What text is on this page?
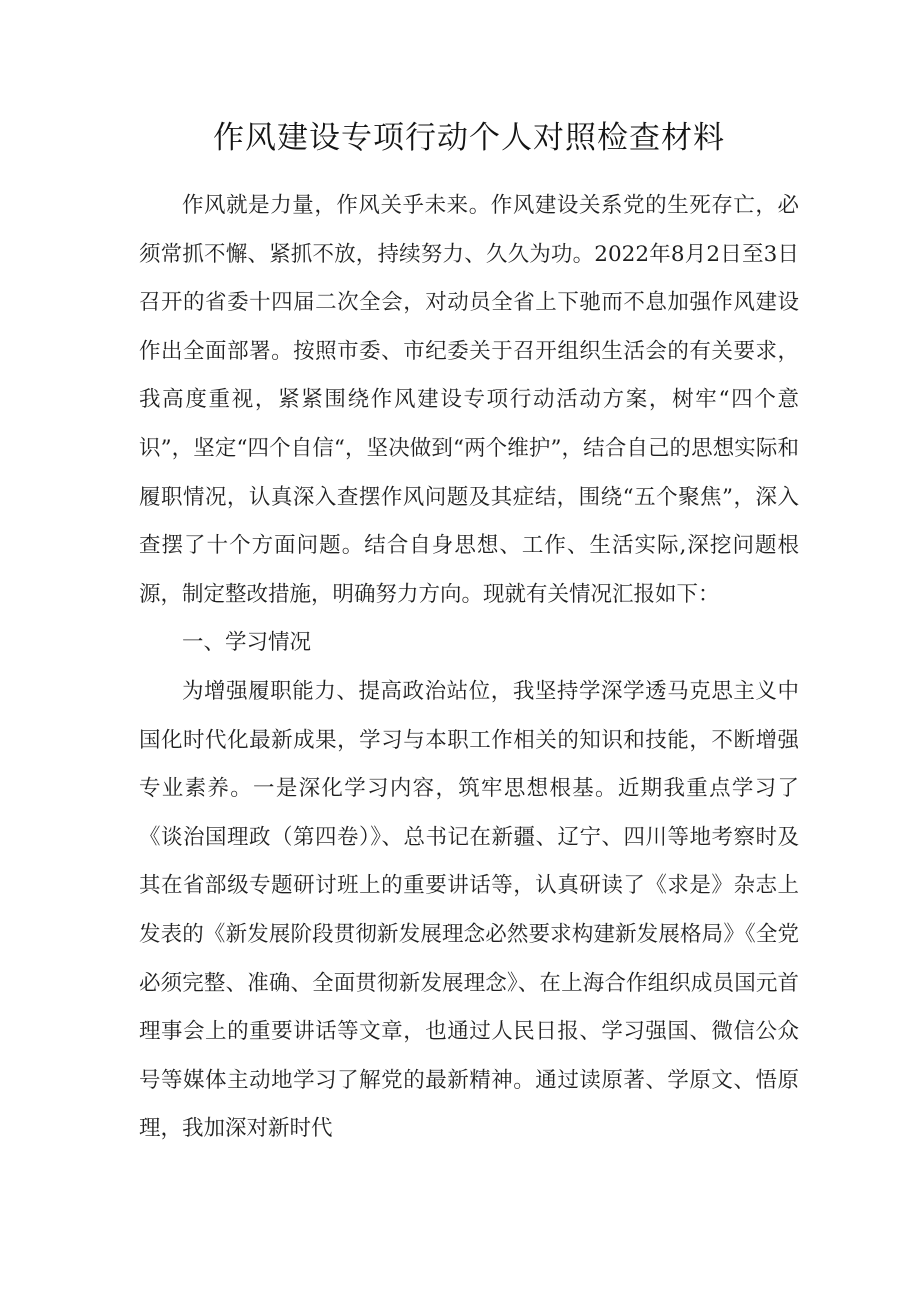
作风建设专项行动个人对照检查材料

作风就是力量，作风关乎未来。作风建设关系党的生死存亡，必须常抓不懈、紧抓不放，持续努力、久久为功。2022年8月2日至3日召开的省委十四届二次全会，对动员全省上下驰而不息加强作风建设作出全面部署。按照市委、市纪委关于召开组织生活会的有关要求，我高度重视，紧紧围绕作风建设专项行动活动方案，树牢“四个意识”，坚定“四个自信“，坚决做到“两个维护”，结合自己的思想实际和履职情况，认真深入查摆作风问题及其症结，围绕“五个聚焦”，深入查摆了十个方面问题。结合自身思想、工作、生活实际,深挖问题根源，制定整改措施，明确努力方向。现就有关情况汇报如下：

一、学习情况

为增强履职能力、提高政治站位，我坚持学深学透马克思主义中国化时代化最新成果，学习与本职工作相关的知识和技能，不断增强专业素养。一是深化学习内容，筑牢思想根基。近期我重点学习了《谈治国理政（第四卷）》、总书记在新疆、辽宁、四川等地考察时及其在省部级专题研讨班上的重要讲话等，认真研读了《求是》杂志上发表的《新发展阶段贯彻新发展理念必然要求构建新发展格局》《全党必须完整、准确、全面贯彻新发展理念》、在上海合作组织成员国元首理事会上的重要讲话等文章，也通过人民日报、学习强国、微信公众号等媒体主动地学习了解党的最新精神。通过读原著、学原文、悟原理，我加深对新时代
